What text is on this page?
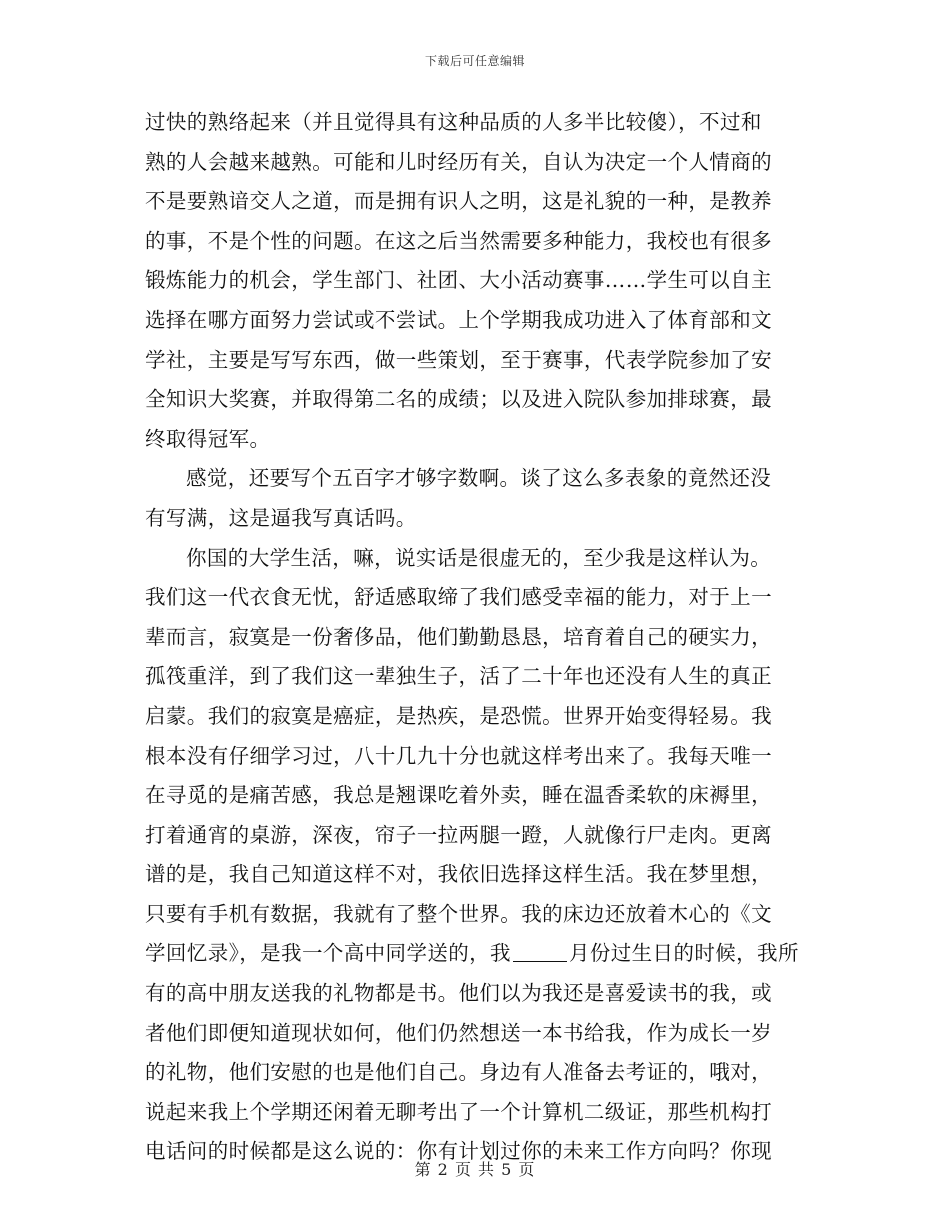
下载后可任意编辑
过快的熟络起来（并且觉得具有这种品质的人多半比较傻），不过和
熟的人会越来越熟。可能和儿时经历有关，自认为决定一个人情商的
不是要熟谙交人之道，而是拥有识人之明，这是礼貌的一种，是教养
的事，不是个性的问题。在这之后当然需要多种能力，我校也有很多
锻炼能力的机会，学生部门、社团、大小活动赛事……学生可以自主
选择在哪方面努力尝试或不尝试。上个学期我成功进入了体育部和文
学社，主要是写写东西，做一些策划，至于赛事，代表学院参加了安
全知识大奖赛，并取得第二名的成绩；以及进入院队参加排球赛，最
终取得冠军。
感觉，还要写个五百字才够字数啊。谈了这么多表象的竟然还没
有写满，这是逼我写真话吗。
你国的大学生活，嘛，说实话是很虚无的，至少我是这样认为。
我们这一代衣食无忧，舒适感取缔了我们感受幸福的能力，对于上一
辈而言，寂寞是一份奢侈品，他们勤勤恳恳，培育着自己的硬实力，
孤筏重洋，到了我们这一辈独生子，活了二十年也还没有人生的真正
启蒙。我们的寂寞是癌症，是热疾，是恐慌。世界开始变得轻易。我
根本没有仔细学习过，八十几九十分也就这样考出来了。我每天唯一
在寻觅的是痛苦感，我总是翘课吃着外卖，睡在温香柔软的床褥里，
打着通宵的桌游，深夜，帘子一拉两腿一蹬，人就像行尸走肉。更离
谱的是，我自己知道这样不对，我依旧选择这样生活。我在梦里想，
只要有手机有数据，我就有了整个世界。我的床边还放着木心的《文
学回忆录》，是我一个高中同学送的，我	月份过生日的时候，我所
有的高中朋友送我的礼物都是书。他们以为我还是喜爱读书的我，或
者他们即便知道现状如何，他们仍然想送一本书给我，作为成长一岁
的礼物，他们安慰的也是他们自己。身边有人准备去考证的，哦对，
说起来我上个学期还闲着无聊考出了一个计算机二级证，那些机构打
电话问的时候都是这么说的：你有计划过你的未来工作方向吗？你现
第 2 页 共 5 页
